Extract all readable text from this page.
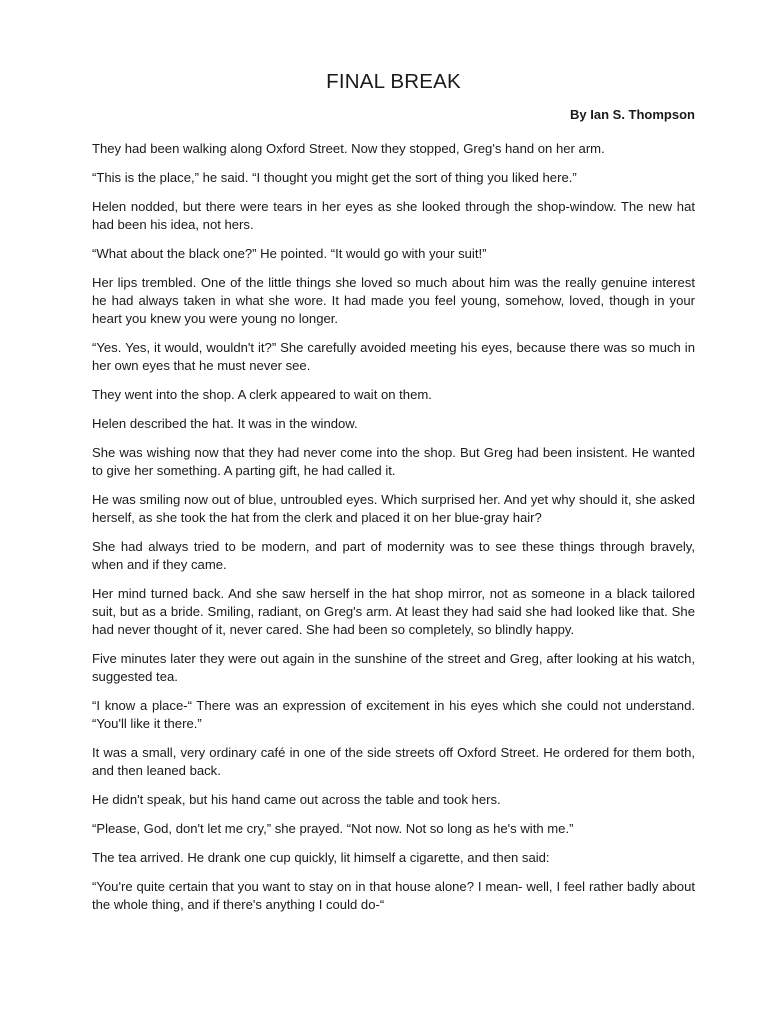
FINAL BREAK
By Ian S. Thompson

They had been walking along Oxford Street. Now they stopped, Greg's hand on her arm.

“This is the place,” he said. “I thought you might get the sort of thing you liked here.”

Helen nodded, but there were tears in her eyes as she looked through the shop-window. The new hat had been his idea, not hers.

“What about the black one?” He pointed. “It would go with your suit!”

Her lips trembled. One of the little things she loved so much about him was the really genuine interest he had always taken in what she wore. It had made you feel young, somehow, loved, though in your heart you knew you were young no longer.

“Yes. Yes, it would, wouldn't it?” She carefully avoided meeting his eyes, because there was so much in her own eyes that he must never see.

They went into the shop. A clerk appeared to wait on them.

Helen described the hat. It was in the window.

She was wishing now that they had never come into the shop. But Greg had been insistent. He wanted to give her something. A parting gift, he had called it.

He was smiling now out of blue, untroubled eyes. Which surprised her. And yet why should it, she asked herself, as she took the hat from the clerk and placed it on her blue-gray hair?

She had always tried to be modern, and part of modernity was to see these things through bravely, when and if they came.

Her mind turned back. And she saw herself in the hat shop mirror, not as someone in a black tailored suit, but as a bride. Smiling, radiant, on Greg's arm. At least they had said she had looked like that. She had never thought of it, never cared. She had been so completely, so blindly happy.

Five minutes later they were out again in the sunshine of the street and Greg, after looking at his watch, suggested tea.

“I know a place-“ There was an expression of excitement in his eyes which she could not understand. “You'll like it there.”

It was a small, very ordinary café in one of the side streets off Oxford Street. He ordered for them both, and then leaned back.

He didn't speak, but his hand came out across the table and took hers.

“Please, God, don't let me cry,” she prayed. “Not now. Not so long as he's with me.”

The tea arrived. He drank one cup quickly, lit himself a cigarette, and then said:

“You're quite certain that you want to stay on in that house alone? I mean- well, I feel rather badly about the whole thing, and if there's anything I could do-“
